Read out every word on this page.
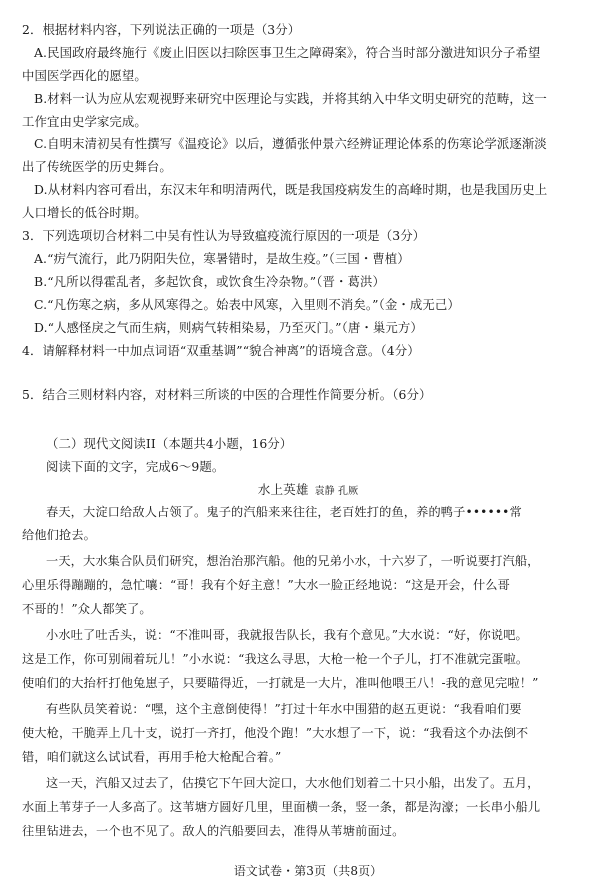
2．根据材料内容，下列说法正确的一项是（3分）
A.民国政府最终施行《废止旧医以扫除医事卫生之障碍案》，符合当时部分激进知识分子希望
中国医学西化的愿望。
B.材料一认为应从宏观视野来研究中医理论与实践，并将其纳入中华文明史研究的范畴，这一
工作宜由史学家完成。
C.自明末清初吴有性撰写《温疫论》以后，遵循张仲景六经辨证理论体系的伤寒论学派逐渐淡
出了传统医学的历史舞台。
D.从材料内容可看出，东汉末年和明清两代，既是我国疫病发生的高峰时期，也是我国历史上
人口增长的低谷时期。
3．下列选项切合材料二中吴有性认为导致瘟疫流行原因的一项是（3分）
A.“疠气流行，此乃阴阳失位，寒暑错时，是故生疫。”（三国・曹植）
B.“凡所以得霍乱者，多起饮食，或饮食生冷杂物。”（晋・葛洪）
C.“凡伤寒之病，多从风寒得之。始表中风寒，入里则不消矣。”（金・成无己）
D.“人感怪戾之气而生病，则病气转相染易，乃至灭门。”（唐・巢元方）
4．请解释材料一中加点词语“双重基调”“貌合神离”的语境含意。（4分）
5．结合三则材料内容，对材料三所谈的中医的合理性作简要分析。（6分）
（二）现代文阅读II（本题共4小题，16分）
阅读下面的文字，完成6～9题。
水上英雄 袁静 孔厥
春天，大淀口给敌人占领了。鬼子的汽船来来往往，老百姓打的鱼，养的鸭子••••••常
给他们抢去。
一天，大水集合队员们研究，想治治那汽船。他的兄弟小水，十六岁了，一听说要打汽船，
心里乐得蹦蹦的，急忙嚷：“哥！我有个好主意！”大水一脸正经地说：“这是开会，什么哥
不哥的！”众人都笑了。
小水吐了吐舌头，说：“不准叫哥，我就报告队长，我有个意见。”大水说：“好，你说吧。
这是工作，你可别闹着玩儿！”小水说：“我这么寻思，大枪一枪一个子儿，打不准就完蛋啦。
使咱们的大抬杆打他兔崽子，只要瞄得近，一打就是一大片，准叫他喂王八！-我的意见完啦！”
有些队员笑着说：“嘿，这个主意倒使得！”打过十年水中围猎的赵五更说：“我看咱们要
使大枪，干脆弄上几十支，说打一齐打，他没个跑！”大水想了一下，说：“我看这个办法倒不
错，咱们就这么试试看，再用手枪大枪配合着。”
这一天，汽船又过去了，估摸它下午回大淀口，大水他们划着二十只小船，出发了。五月，
水面上苇芽子一人多高了。这苇塘方圆好几里，里面横一条，竖一条，都是沟濠；一长串小船儿
往里钻进去，一个也不见了。敌人的汽船要回去，准得从苇塘前面过。
语文试卷・第3页（共8页）
